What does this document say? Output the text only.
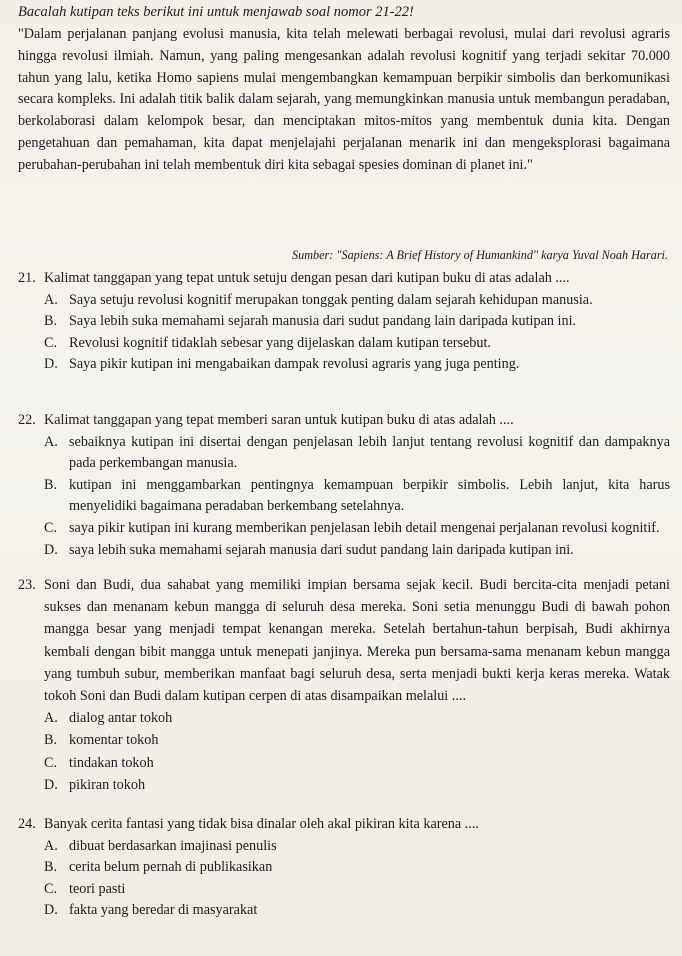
Bacalah kutipan teks berikut ini untuk menjawab soal nomor 21-22!
"Dalam perjalanan panjang evolusi manusia, kita telah melewati berbagai revolusi, mulai dari revolusi agraris hingga revolusi ilmiah. Namun, yang paling mengesankan adalah revolusi kognitif yang terjadi sekitar 70.000 tahun yang lalu, ketika Homo sapiens mulai mengembangkan kemampuan berpikir simbolis dan berkomunikasi secara kompleks. Ini adalah titik balik dalam sejarah, yang memungkinkan manusia untuk membangun peradaban, berkolaborasi dalam kelompok besar, dan menciptakan mitos-mitos yang membentuk dunia kita. Dengan pengetahuan dan pemahaman, kita dapat menjelajahi perjalanan menarik ini dan mengeksplorasi bagaimana perubahan-perubahan ini telah membentuk diri kita sebagai spesies dominan di planet ini."
Sumber: "Sapiens: A Brief History of Humankind" karya Yuval Noah Harari.
21. Kalimat tanggapan yang tepat untuk setuju dengan pesan dari kutipan buku di atas adalah ....
A. Saya setuju revolusi kognitif merupakan tonggak penting dalam sejarah kehidupan manusia.
B. Saya lebih suka memahami sejarah manusia dari sudut pandang lain daripada kutipan ini.
C. Revolusi kognitif tidaklah sebesar yang dijelaskan dalam kutipan tersebut.
D. Saya pikir kutipan ini mengabaikan dampak revolusi agraris yang juga penting.
22. Kalimat tanggapan yang tepat memberi saran untuk kutipan buku di atas adalah ....
A. sebaiknya kutipan ini disertai dengan penjelasan lebih lanjut tentang revolusi kognitif dan dampaknya pada perkembangan manusia.
B. kutipan ini menggambarkan pentingnya kemampuan berpikir simbolis. Lebih lanjut, kita harus menyelidiki bagaimana peradaban berkembang setelahnya.
C. saya pikir kutipan ini kurang memberikan penjelasan lebih detail mengenai perjalanan revolusi kognitif.
D. saya lebih suka memahami sejarah manusia dari sudut pandang lain daripada kutipan ini.
23. Soni dan Budi, dua sahabat yang memiliki impian bersama sejak kecil. Budi bercita-cita menjadi petani sukses dan menanam kebun mangga di seluruh desa mereka. Soni setia menunggu Budi di bawah pohon mangga besar yang menjadi tempat kenangan mereka. Setelah bertahun-tahun berpisah, Budi akhirnya kembali dengan bibit mangga untuk menepati janjinya. Mereka pun bersama-sama menanam kebun mangga yang tumbuh subur, memberikan manfaat bagi seluruh desa, serta menjadi bukti kerja keras mereka. Watak tokoh Soni dan Budi dalam kutipan cerpen di atas disampaikan melalui ....
A. dialog antar tokoh
B. komentar tokoh
C. tindakan tokoh
D. pikiran tokoh
24. Banyak cerita fantasi yang tidak bisa dinalar oleh akal pikiran kita karena ....
A. dibuat berdasarkan imajinasi penulis
B. cerita belum pernah di publikasikan
C. teori pasti
D. fakta yang beredar di masyarakat
